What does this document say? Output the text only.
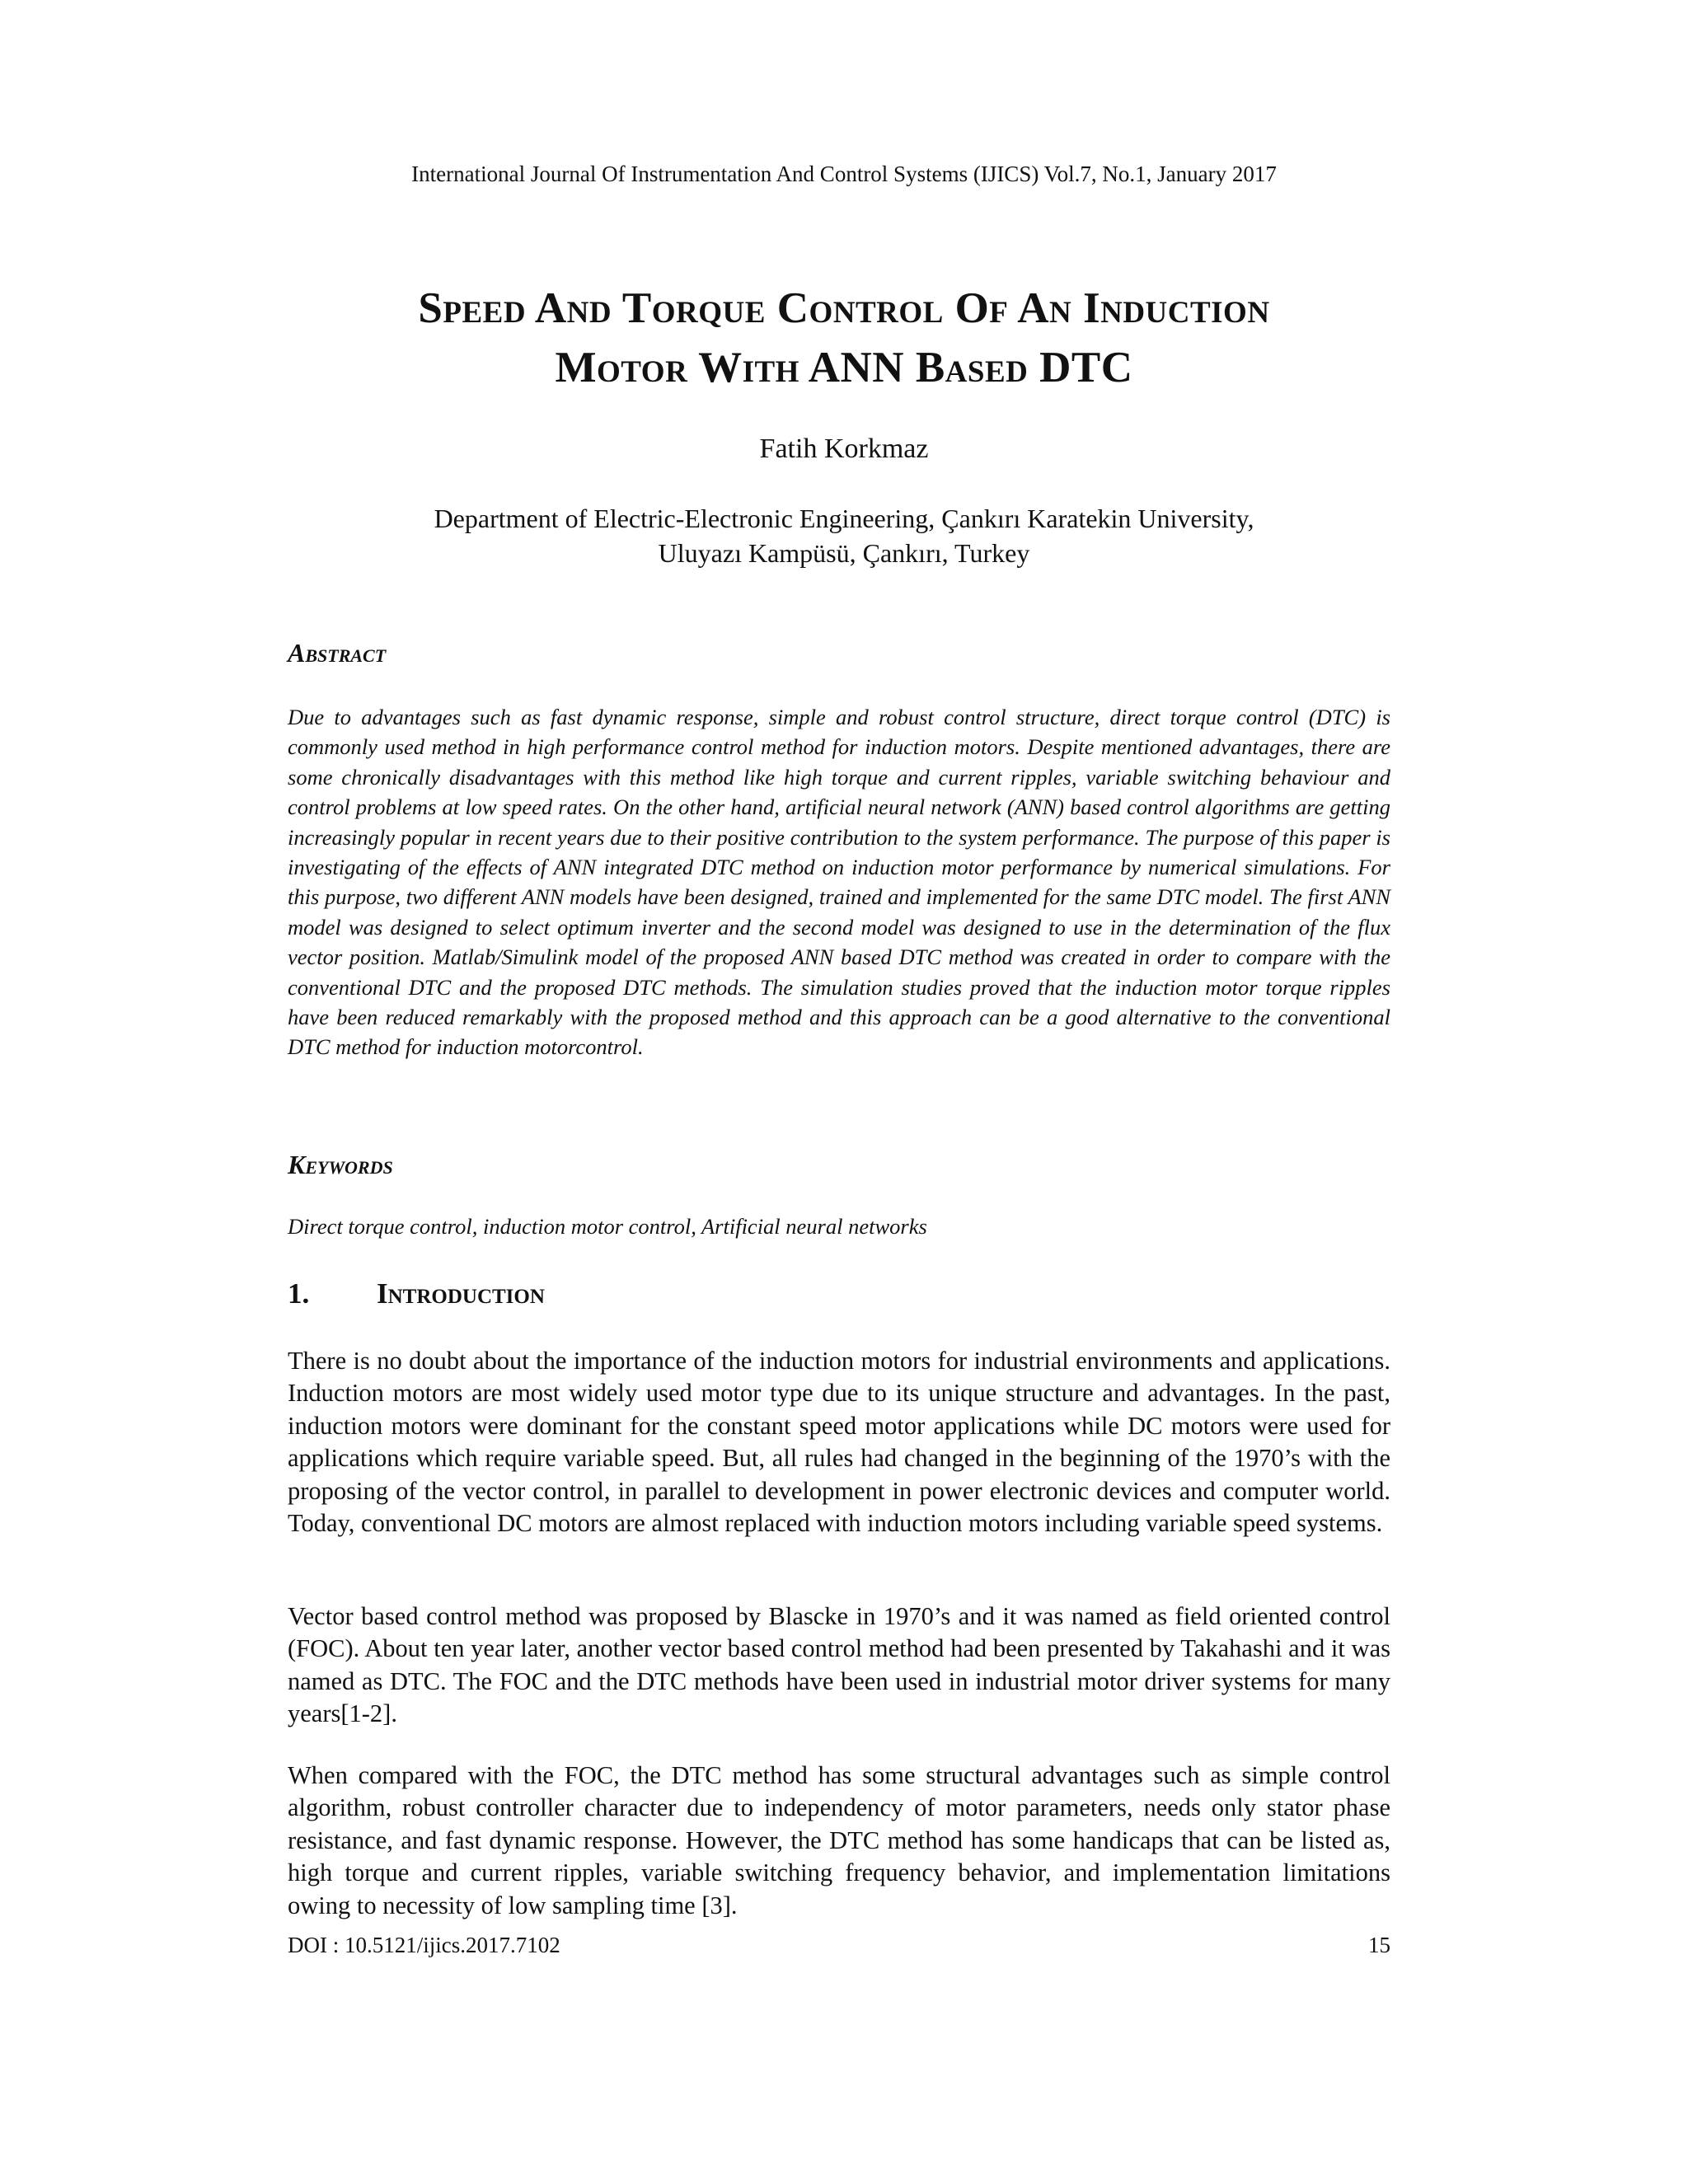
International Journal Of Instrumentation And Control Systems (IJICS) Vol.7, No.1, January 2017
Speed And Torque Control Of An Induction
Motor With ANN Based DTC
Fatih Korkmaz
Department of Electric-Electronic Engineering, Çankırı Karatekin University,
Uluyazı Kampüsü, Çankırı, Turkey
Abstract

Due to advantages such as fast dynamic response, simple and robust control structure, direct torque control (DTC) is commonly used method in high performance control method for induction motors. Despite mentioned advantages, there are some chronically disadvantages with this method like high torque and current ripples, variable switching behaviour and control problems at low speed rates. On the other hand, artificial neural network (ANN) based control algorithms are getting increasingly popular in recent years due to their positive contribution to the system performance. The purpose of this paper is investigating of the effects of ANN integrated DTC method on induction motor performance by numerical simulations. For this purpose, two different ANN models have been designed, trained and implemented for the same DTC model. The first ANN model was designed to select optimum inverter and the second model was designed to use in the determination of the flux vector position. Matlab/Simulink model of the proposed ANN based DTC method was created in order to compare with the conventional DTC and the proposed DTC methods. The simulation studies proved that the induction motor torque ripples have been reduced remarkably with the proposed method and this approach can be a good alternative to the conventional DTC method for induction motorcontrol.

Keywords

Direct torque control, induction motor control, Artificial neural networks

1. Introduction

There is no doubt about the importance of the induction motors for industrial environments and applications. Induction motors are most widely used motor type due to its unique structure and advantages. In the past, induction motors were dominant for the constant speed motor applications while DC motors were used for applications which require variable speed. But, all rules had changed in the beginning of the 1970’s with the proposing of the vector control, in parallel to development in power electronic devices and computer world. Today, conventional DC motors are almost replaced with induction motors including variable speed systems.

Vector based control method was proposed by Blascke in 1970’s and it was named as field oriented control (FOC). About ten year later, another vector based control method had been presented by Takahashi and it was named as DTC. The FOC and the DTC methods have been used in industrial motor driver systems for many years[1-2].

When compared with the FOC, the DTC method has some structural advantages such as simple control algorithm, robust controller character due to independency of motor parameters, needs only stator phase resistance, and fast dynamic response. However, the DTC method has some handicaps that can be listed as, high torque and current ripples, variable switching frequency behavior, and implementation limitations owing to necessity of low sampling time [3].

DOI : 10.5121/ijics.2017.7102	15
